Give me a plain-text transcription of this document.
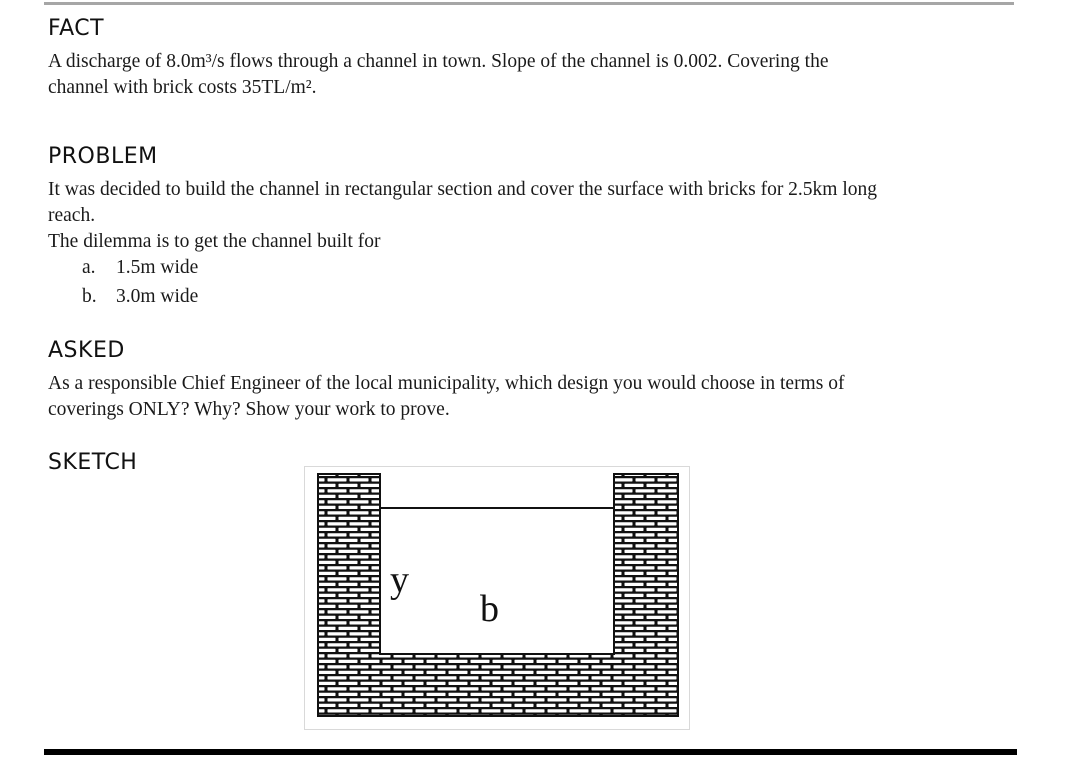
FACT

A discharge of 8.0m³/s flows through a channel in town. Slope of the channel is 0.002. Covering the

channel with brick costs 35TL/m².

PROBLEM

It was decided to build the channel in rectangular section and cover the surface with bricks for 2.5km long

reach.

The dilemma is to get the channel built for

a. 1.5m wide
b. 3.0m wide
ASKED

As a responsible Chief Engineer of the local municipality, which design you would choose in terms of

coverings ONLY? Why? Show your work to prove.

SKETCH
y
b
